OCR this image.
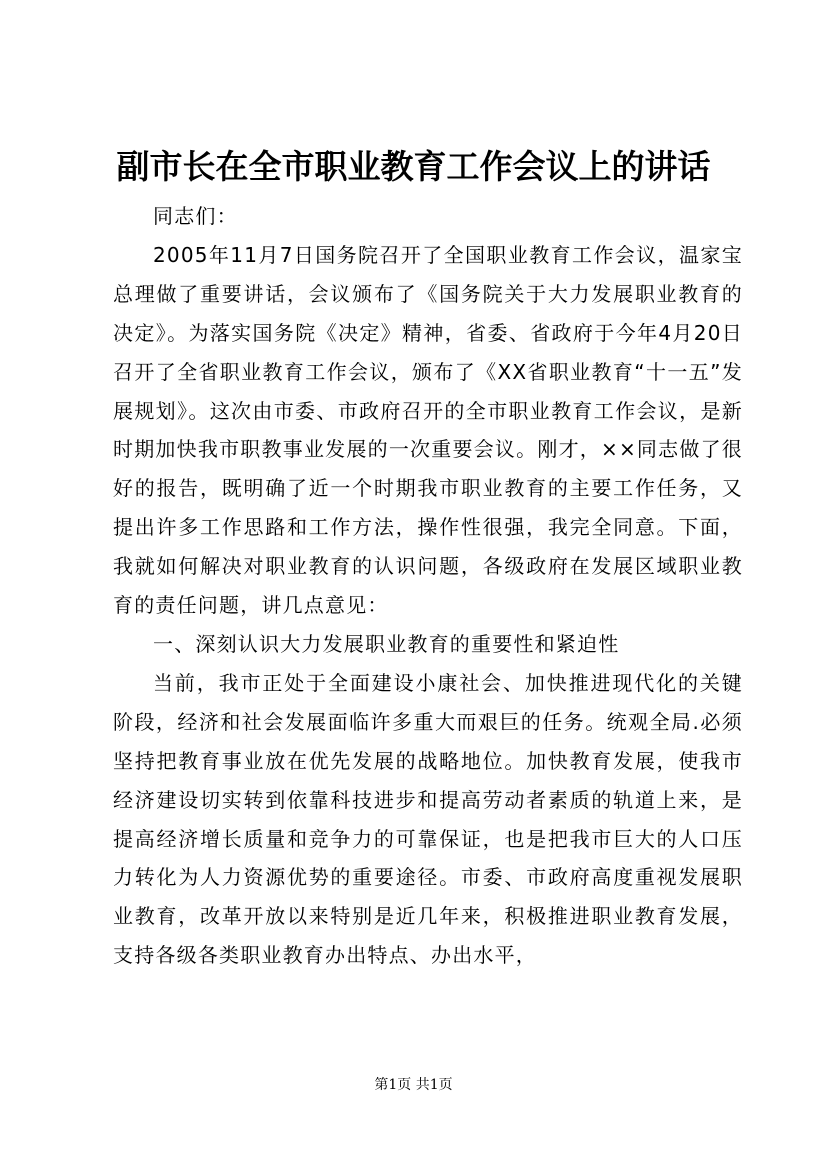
副市长在全市职业教育工作会议上的讲话

同志们：

2005年11月7日国务院召开了全国职业教育工作会议，温家宝总理做了重要讲话，会议颁布了《国务院关于大力发展职业教育的决定》。为落实国务院《决定》精神，省委、省政府于今年4月20日召开了全省职业教育工作会议，颁布了《XX省职业教育“十一五”发展规划》。这次由市委、市政府召开的全市职业教育工作会议，是新时期加快我市职教事业发展的一次重要会议。刚才，××同志做了很好的报告，既明确了近一个时期我市职业教育的主要工作任务，又提出许多工作思路和工作方法，操作性很强，我完全同意。下面，我就如何解决对职业教育的认识问题，各级政府在发展区域职业教育的责任问题，讲几点意见：

一、深刻认识大力发展职业教育的重要性和紧迫性

当前，我市正处于全面建设小康社会、加快推进现代化的关键阶段，经济和社会发展面临许多重大而艰巨的任务。统观全局.必须坚持把教育事业放在优先发展的战略地位。加快教育发展，使我市经济建设切实转到依靠科技进步和提高劳动者素质的轨道上来，是提高经济增长质量和竞争力的可靠保证，也是把我市巨大的人口压力转化为人力资源优势的重要途径。市委、市政府高度重视发展职业教育，改革开放以来特别是近几年来，积极推进职业教育发展，支持各级各类职业教育办出特点、办出水平，

第1页 共1页
